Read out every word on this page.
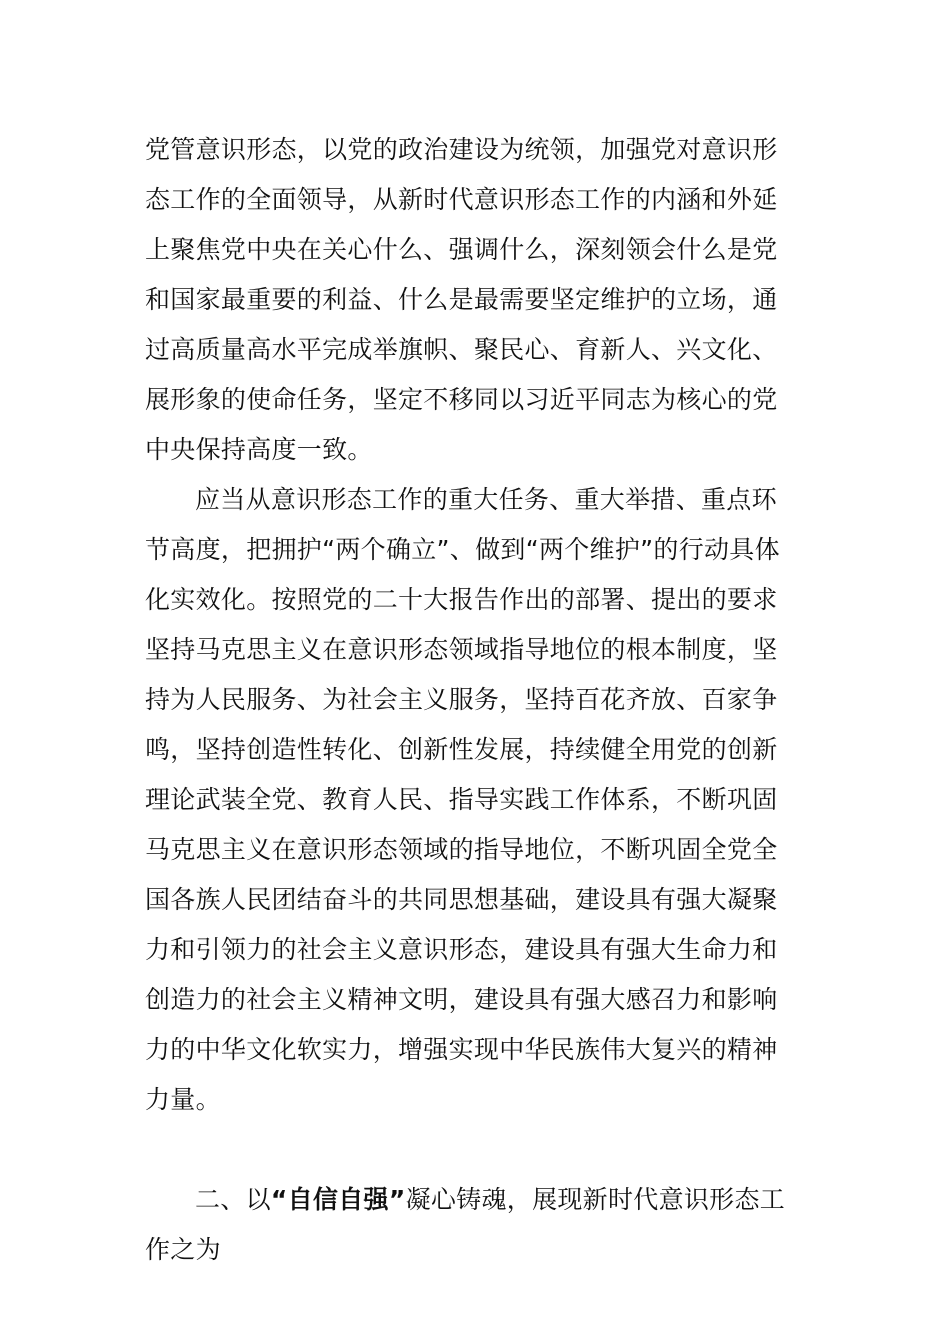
党管意识形态，以党的政治建设为统领，加强党对意识形
态工作的全面领导，从新时代意识形态工作的内涵和外延
上聚焦党中央在关心什么、强调什么，深刻领会什么是党
和国家最重要的利益、什么是最需要坚定维护的立场，通
过高质量高水平完成举旗帜、聚民心、育新人、兴文化、
展形象的使命任务，坚定不移同以习近平同志为核心的党
中央保持高度一致。
应当从意识形态工作的重大任务、重大举措、重点环
节高度，把拥护“两个确立”、做到“两个维护”的行动具体
化实效化。按照党的二十大报告作出的部署、提出的要求
坚持马克思主义在意识形态领域指导地位的根本制度，坚
持为人民服务、为社会主义服务，坚持百花齐放、百家争
鸣，坚持创造性转化、创新性发展，持续健全用党的创新
理论武装全党、教育人民、指导实践工作体系，不断巩固
马克思主义在意识形态领域的指导地位，不断巩固全党全
国各族人民团结奋斗的共同思想基础，建设具有强大凝聚
力和引领力的社会主义意识形态，建设具有强大生命力和
创造力的社会主义精神文明，建设具有强大感召力和影响
力的中华文化软实力，增强实现中华民族伟大复兴的精神
力量。
二、以“自信自强”凝心铸魂，展现新时代意识形态工
作之为
